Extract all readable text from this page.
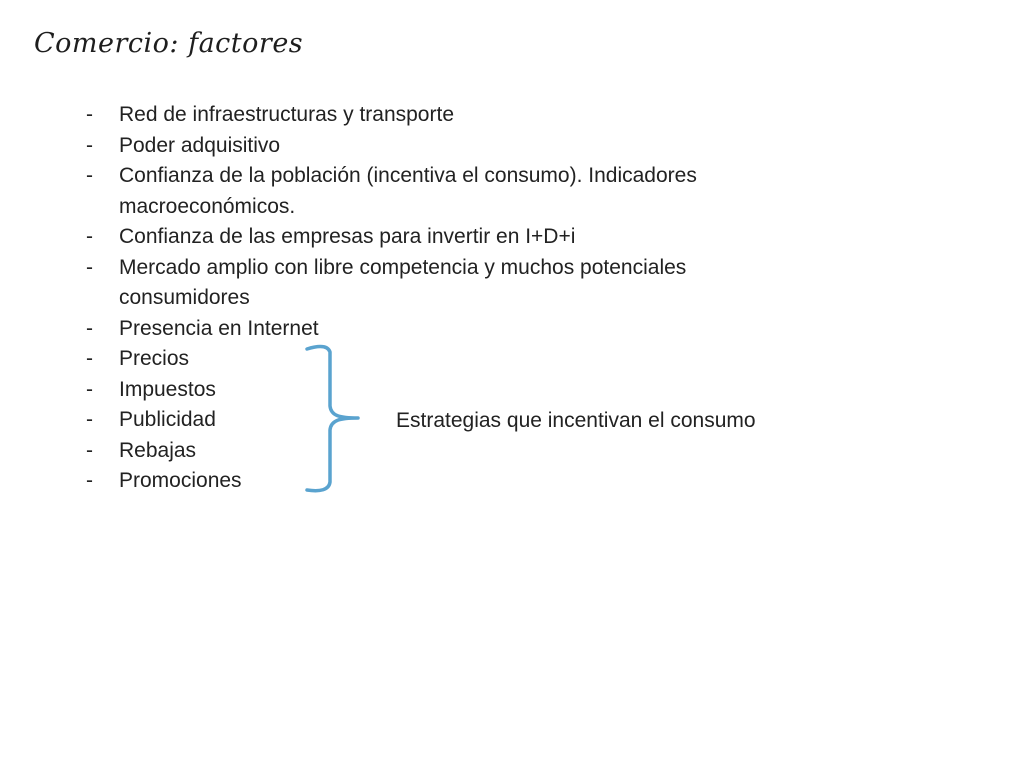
Comercio: factores
- Red de infraestructuras y transporte
- Poder adquisitivo
- Confianza de la población (incentiva el consumo). Indicadores macroeconómicos.
- Confianza de las empresas para invertir en I+D+i
- Mercado amplio con libre competencia y muchos potenciales consumidores
- Presencia en Internet
- Precios
- Impuestos
- Publicidad
- Rebajas
- Promociones
Estrategias que incentivan el consumo
